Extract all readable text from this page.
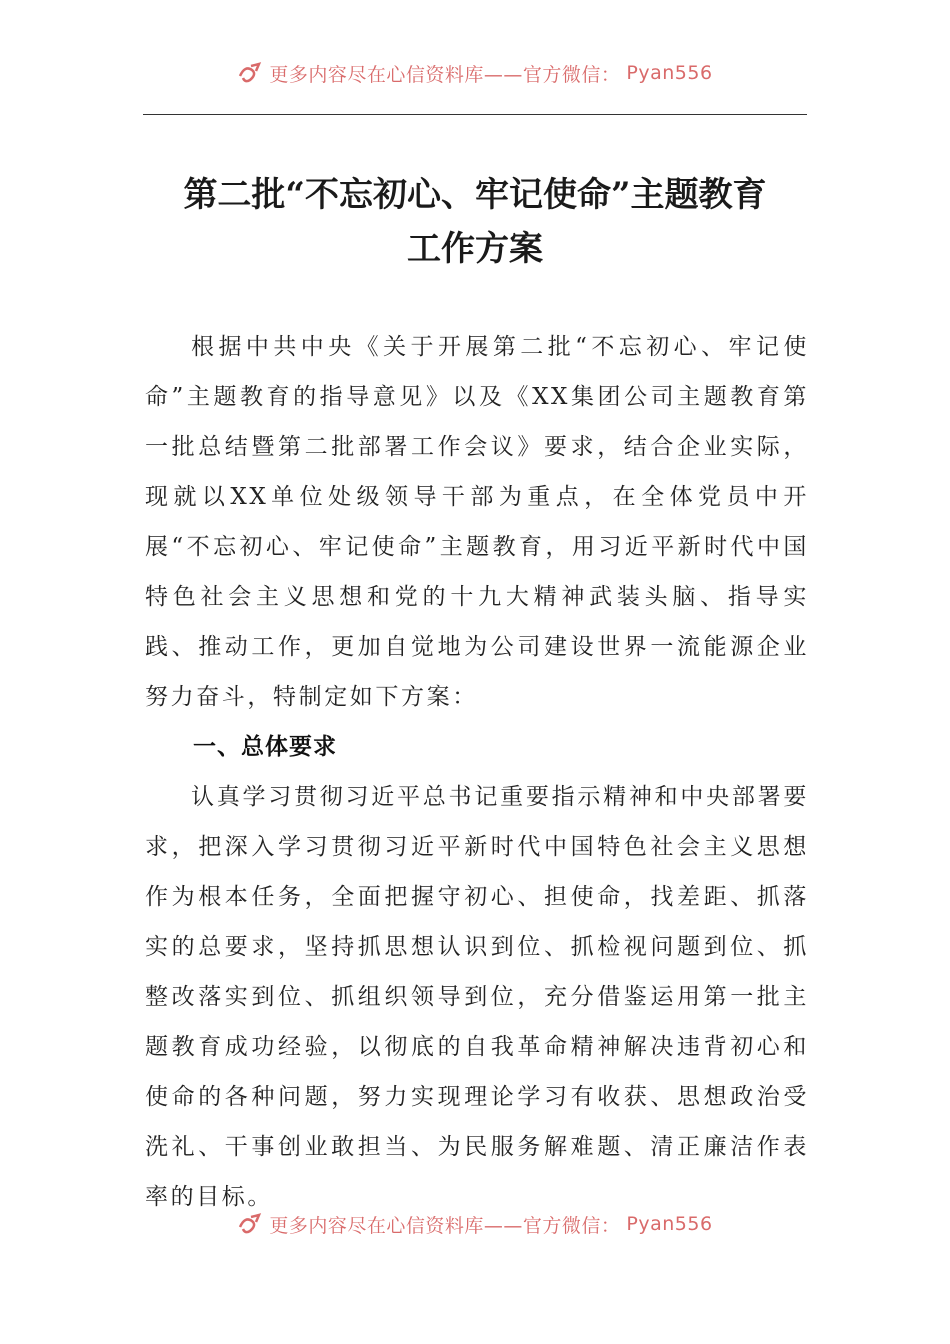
更多内容尽在心信资料库——官方微信： Pyan556
第二批“不忘初心、牢记使命”主题教育
工作方案

根据中共中央《关于开展第二批“不忘初心、牢记使命”主题教育的指导意见》以及《XX集团公司主题教育第一批总结暨第二批部署工作会议》要求，结合企业实际，现就以XX单位处级领导干部为重点，在全体党员中开展“不忘初心、牢记使命”主题教育，用习近平新时代中国特色社会主义思想和党的十九大精神武装头脑、指导实践、推动工作，更加自觉地为公司建设世界一流能源企业努力奋斗，特制定如下方案：

一、总体要求

认真学习贯彻习近平总书记重要指示精神和中央部署要求，把深入学习贯彻习近平新时代中国特色社会主义思想作为根本任务，全面把握守初心、担使命，找差距、抓落实的总要求，坚持抓思想认识到位、抓检视问题到位、抓整改落实到位、抓组织领导到位，充分借鉴运用第一批主题教育成功经验，以彻底的自我革命精神解决违背初心和使命的各种问题，努力实现理论学习有收获、思想政治受洗礼、干事创业敢担当、为民服务解难题、清正廉洁作表率的目标。

更多内容尽在心信资料库——官方微信： Pyan556
